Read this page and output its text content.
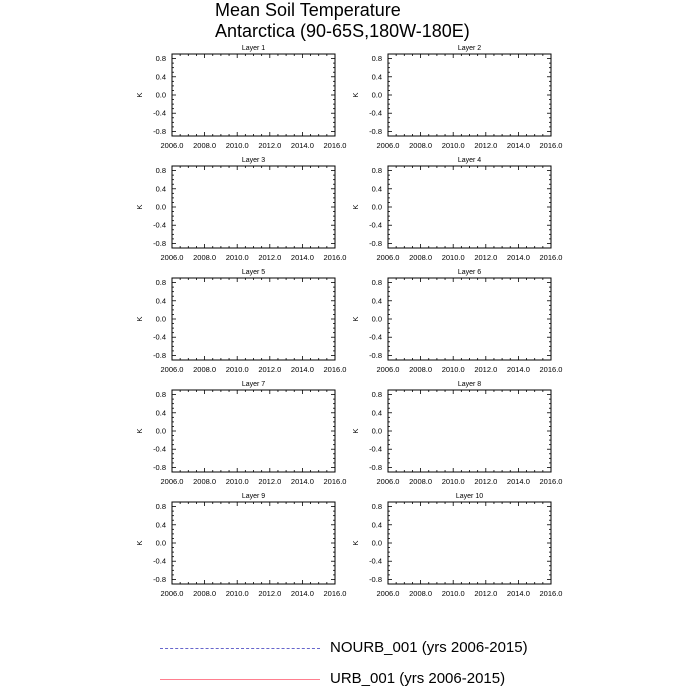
Mean Soil Temperature
Antarctica (90-65S,180W-180E)
Layer 1
0.8
0.4
0.0
-0.4
-0.8
2006.0 2008.0 2010.0 2012.0 2014.0 2016.0
K
Layer 2
0.8
0.4
0.0
-0.4
-0.8
2006.0 2008.0 2010.0 2012.0 2014.0 2016.0
K
Layer 3
0.8
0.4
0.0
-0.4
-0.8
2006.0 2008.0 2010.0 2012.0 2014.0 2016.0
K
Layer 4
0.8
0.4
0.0
-0.4
-0.8
2006.0 2008.0 2010.0 2012.0 2014.0 2016.0
K
Layer 5
0.8
0.4
0.0
-0.4
-0.8
2006.0 2008.0 2010.0 2012.0 2014.0 2016.0
K
Layer 6
0.8
0.4
0.0
-0.4
-0.8
2006.0 2008.0 2010.0 2012.0 2014.0 2016.0
K
Layer 7
0.8
0.4
0.0
-0.4
-0.8
2006.0 2008.0 2010.0 2012.0 2014.0 2016.0
K
Layer 8
0.8
0.4
0.0
-0.4
-0.8
2006.0 2008.0 2010.0 2012.0 2014.0 2016.0
K
Layer 9
0.8
0.4
0.0
-0.4
-0.8
2006.0 2008.0 2010.0 2012.0 2014.0 2016.0
K
Layer 10
0.8
0.4
0.0
-0.4
-0.8
2006.0 2008.0 2010.0 2012.0 2014.0 2016.0
K
NOURB_001 (yrs 2006-2015)
URB_001 (yrs 2006-2015)
